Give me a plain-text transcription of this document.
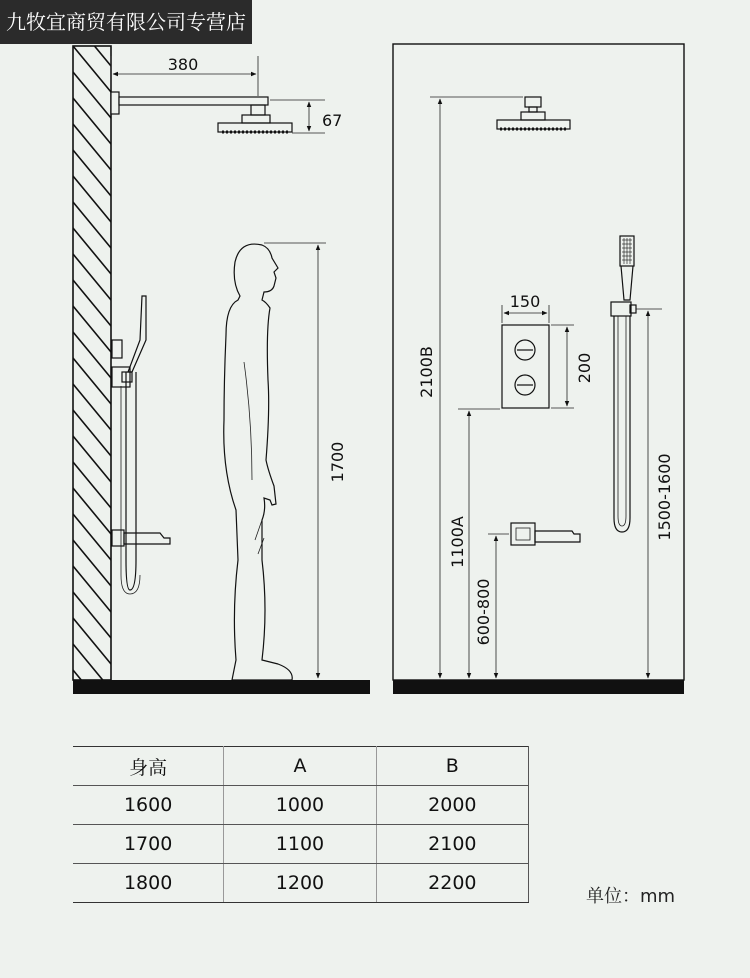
九牧宜商贸有限公司专营店
380
67
1700
2100B
150
200
1100A
600-800
1500-1600
身高	A	B
1600	1000	2000
1700	1100	2100
1800	1200	2200
单位：mm
